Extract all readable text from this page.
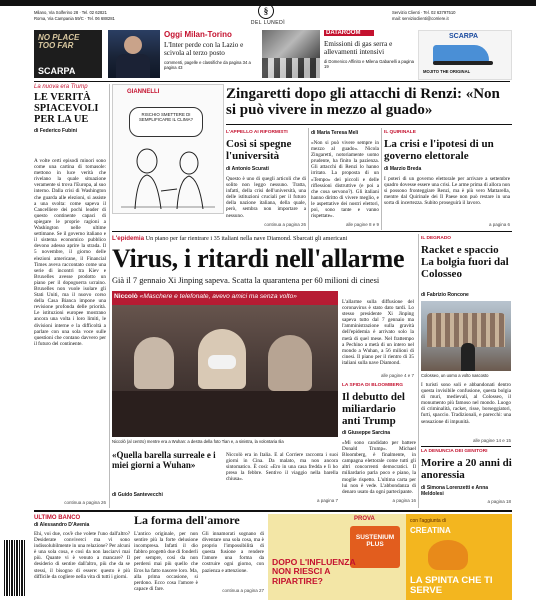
Milano, Via Solferino 28 · Tel. 02 62821
Roma, Via Campania 59/C · Tel. 06 688281
§
DEL LUNEDÌ
Servizio Clienti · Tel. 02 63797510
mail: servizioclienti@corriere.it
NO PLACE TOO FAR
SCARPA
Oggi Milan-Torino
L'Inter perde con la Lazio e scivola al terzo posto
commenti, pagelle e classifiche da pagina 34 a pagina 43
DATAROOM
Emissioni di gas serra e allevamenti intensivi
di Domenico Affinito e Milena Gabanelli a pagina 19
SCARPA
MOJITO THE ORIGINAL
La nuova era Trump
LE VERITÀ SPIACEVOLI PER LA UE
di Federico Fubini
A volte certi episodi minori sono come una cartina di tornasole: mettono in luce verità che rivelano la quale situazione veramente si trova l'Europa, al suo interno. Dalla crisi di Washington che guarda alle elezioni, si assiste a una svolta: come sapeva il Cancelliere dei pochi leader di questo continente capaci di spiegare le proprie ragioni a Washington nelle ultime settimane. Se il governo italiano e il sistema economico pubblico devono adesso aprire la strada. Il 5 novembre, il giorno delle elezioni americane, il Financial Times aveva raccontato come una serie di incontri tra Kiev e Bruxelles avesse prodotto un piano per il dopoguerra ucraino. Bruxelles non vuole isolare gli Stati Uniti, ma il nuovo corso della Casa Bianca impone una revisione profonda delle priorità. Le istituzioni europee mostrano ancora una volta i loro limiti, le divisioni interne e la difficoltà a parlare con una sola voce sulle questioni che contano davvero per il futuro del continente.
continua a pagina 26
GIANNELLI
RISCHIO SMETTERE DI SEMPLIFICARE IL CLIMA?
Zingaretti dopo gli attacchi di Renzi: «Non si può vivere in mezzo al guado»
L'APPELLO AI RIFORMISTI
Così si spegne l'università
di Antonio Scurati
Questo è uno di quegli articoli che di solito non leggo nessuno. Tratta, infatti, della crisi dell'università, una delle istituzioni cruciali per il futuro della nazione italiana, della quale, però, sembra non importare a nessuno.
continua a pagina 26
di Maria Teresa Meli
«Non si può vivere sempre in mezzo al guado». Nicola Zingaretti, notoriamente uomo prudente, ha finito la pazienza. Gli attacchi di Renzi lo hanno irritato. La proposta di un «Tempo» dei piccoli e delle riflessioni distruttive (e poi a che cosa servono?). Gli italiani hanno diritto di vivere meglio, e le aspettative dei nostri elettori, poi, sono tante e vanno rispettate».
alle pagine 8 e 9
IL QUIRINALE
La crisi e l'ipotesi di un governo elettorale
di Marzio Breda
I poteri di un governo elettorale per arrivare a settembre quadro dovesse essere una crisi. Le arme prima di allora non si possono fronteggiare Renzi, ma è più vero Mattarella, mentre dal Quirinale dei Il Paese non può restare in una sorta di incertezza. Subito proseguirà il lavoro.
a pagina 6
L'epidemia Un piano per far rientrare i 35 italiani nella nave Diamond. Sbarcati gli americani
Virus, i ritardi nell'allarme
Già il 7 gennaio Xi Jinping sapeva. Scatta la quarantena per 60 milioni di cinesi
Niccolò «Maschere e telefonate, avevo amici ma senza volto»
Niccolò (al centro) mentre era a Wuhan: a destra della foto Tian e, a sinistra, la volontaria Ilia
L'allarme sulla diffusione del coronavirus è stato dato tardi. Lo stesso presidente Xi Jinping sapeva tutto dal 7 gennaio ma l'amministrazione sulla gravità dell'epidemia è arrivato solo la metà di quel mese. Nel frattempo a Pechino a metà di un intero nel mondo a Wuhan, a 56 milioni di cinesi. Il piano per il rientro di 35 italiani sulla nave Diamond.
alle pagine 4 e 7
LA SFIDA DI BLOOMBERG
Il debutto del miliardario anti Trump
di Giuseppe Sarcina
«Mi sono candidato per battere Donald Trump». Michael Bloomberg, è finalmente, in campagna elettorale come tutti gli altri concorrenti democratici. Il miliardario parla poco e piano, la moglie rispetto. L'ultima carta per lui non è vede. L'abbondanza di denaro usato da ogni partecipante.
a pagina 16
«Quella barella surreale e i miei giorni a Wuhan»
di Guido Santevecchi
Niccolò era in Italia. E al Corriere racconta i suoi giorni in Cina. Da malato, ma non ancora sintomatico. È così: «Ero in una casa fredda e lì ho preso la febbre. Sentivo il viaggio nella barella chiusa».
a pagina 7
IL DEGRADO
Racket e spaccio La bolgia fuori dal Colosseo
di Fabrizio Roncone
Colosseo, un uomo a volto nascosto
I turisti sono soli e abbandonati dentro questa invisibile confusione, questa bolgia di muri, medievali, al Colosseo, il monumento più famoso nel mondo. Luogo di criminalità, racket, risse, borseggiatori, furti, spaccio. Tradizionali, e parecchi: una sensazione di impunità.
alle pagine 14 e 15
LA DENUNCIA DEI GENITORI
Morire a 20 anni di anoressia
di Simona Lorenzetti e Anna Meldolesi
a pagina 18
ULTIMO BANCO
di Alessandro D'Avenia	La forma dell'amore
Ehi, voi due, cos'è che volete l'uno dall'altro? Desiderate conviverci ma vi sono indissolubilmente in una relazione? Per alcuni è una sola cosa, e così da non lasciarvi mai più. Quante vi è venuto a mancare? Il desiderio di sentire dall'altro, più che da se stessi, il bisogno di essere: questo è più difficile da cogliere nella vita di tutti i giorni.
L'antico originale, per non sentire più la forte delusione incompresa. Infatti il dio fabbro progettò due di fonderli per sempre, così da non perdersi mai più quello che Eros ha fatto nascere loro. Ma, alla prima occasione, si perdono. Ecco cosa l'amore è capace di fare.
Gli innamorati sognano di diventare una sola cosa, ma è proprio l'impossibilità di questa fusione a rendere l'amore una forma da costruire ogni giorno, con pazienza e attenzione.
continua a pagina 27
PROVA
SUSTENIUM PLUS
DOPO L'INFLUENZA NON RIESCI A RIPARTIRE?
con l'aggiunta di
CREATINA
LA SPINTA CHE TI SERVE
